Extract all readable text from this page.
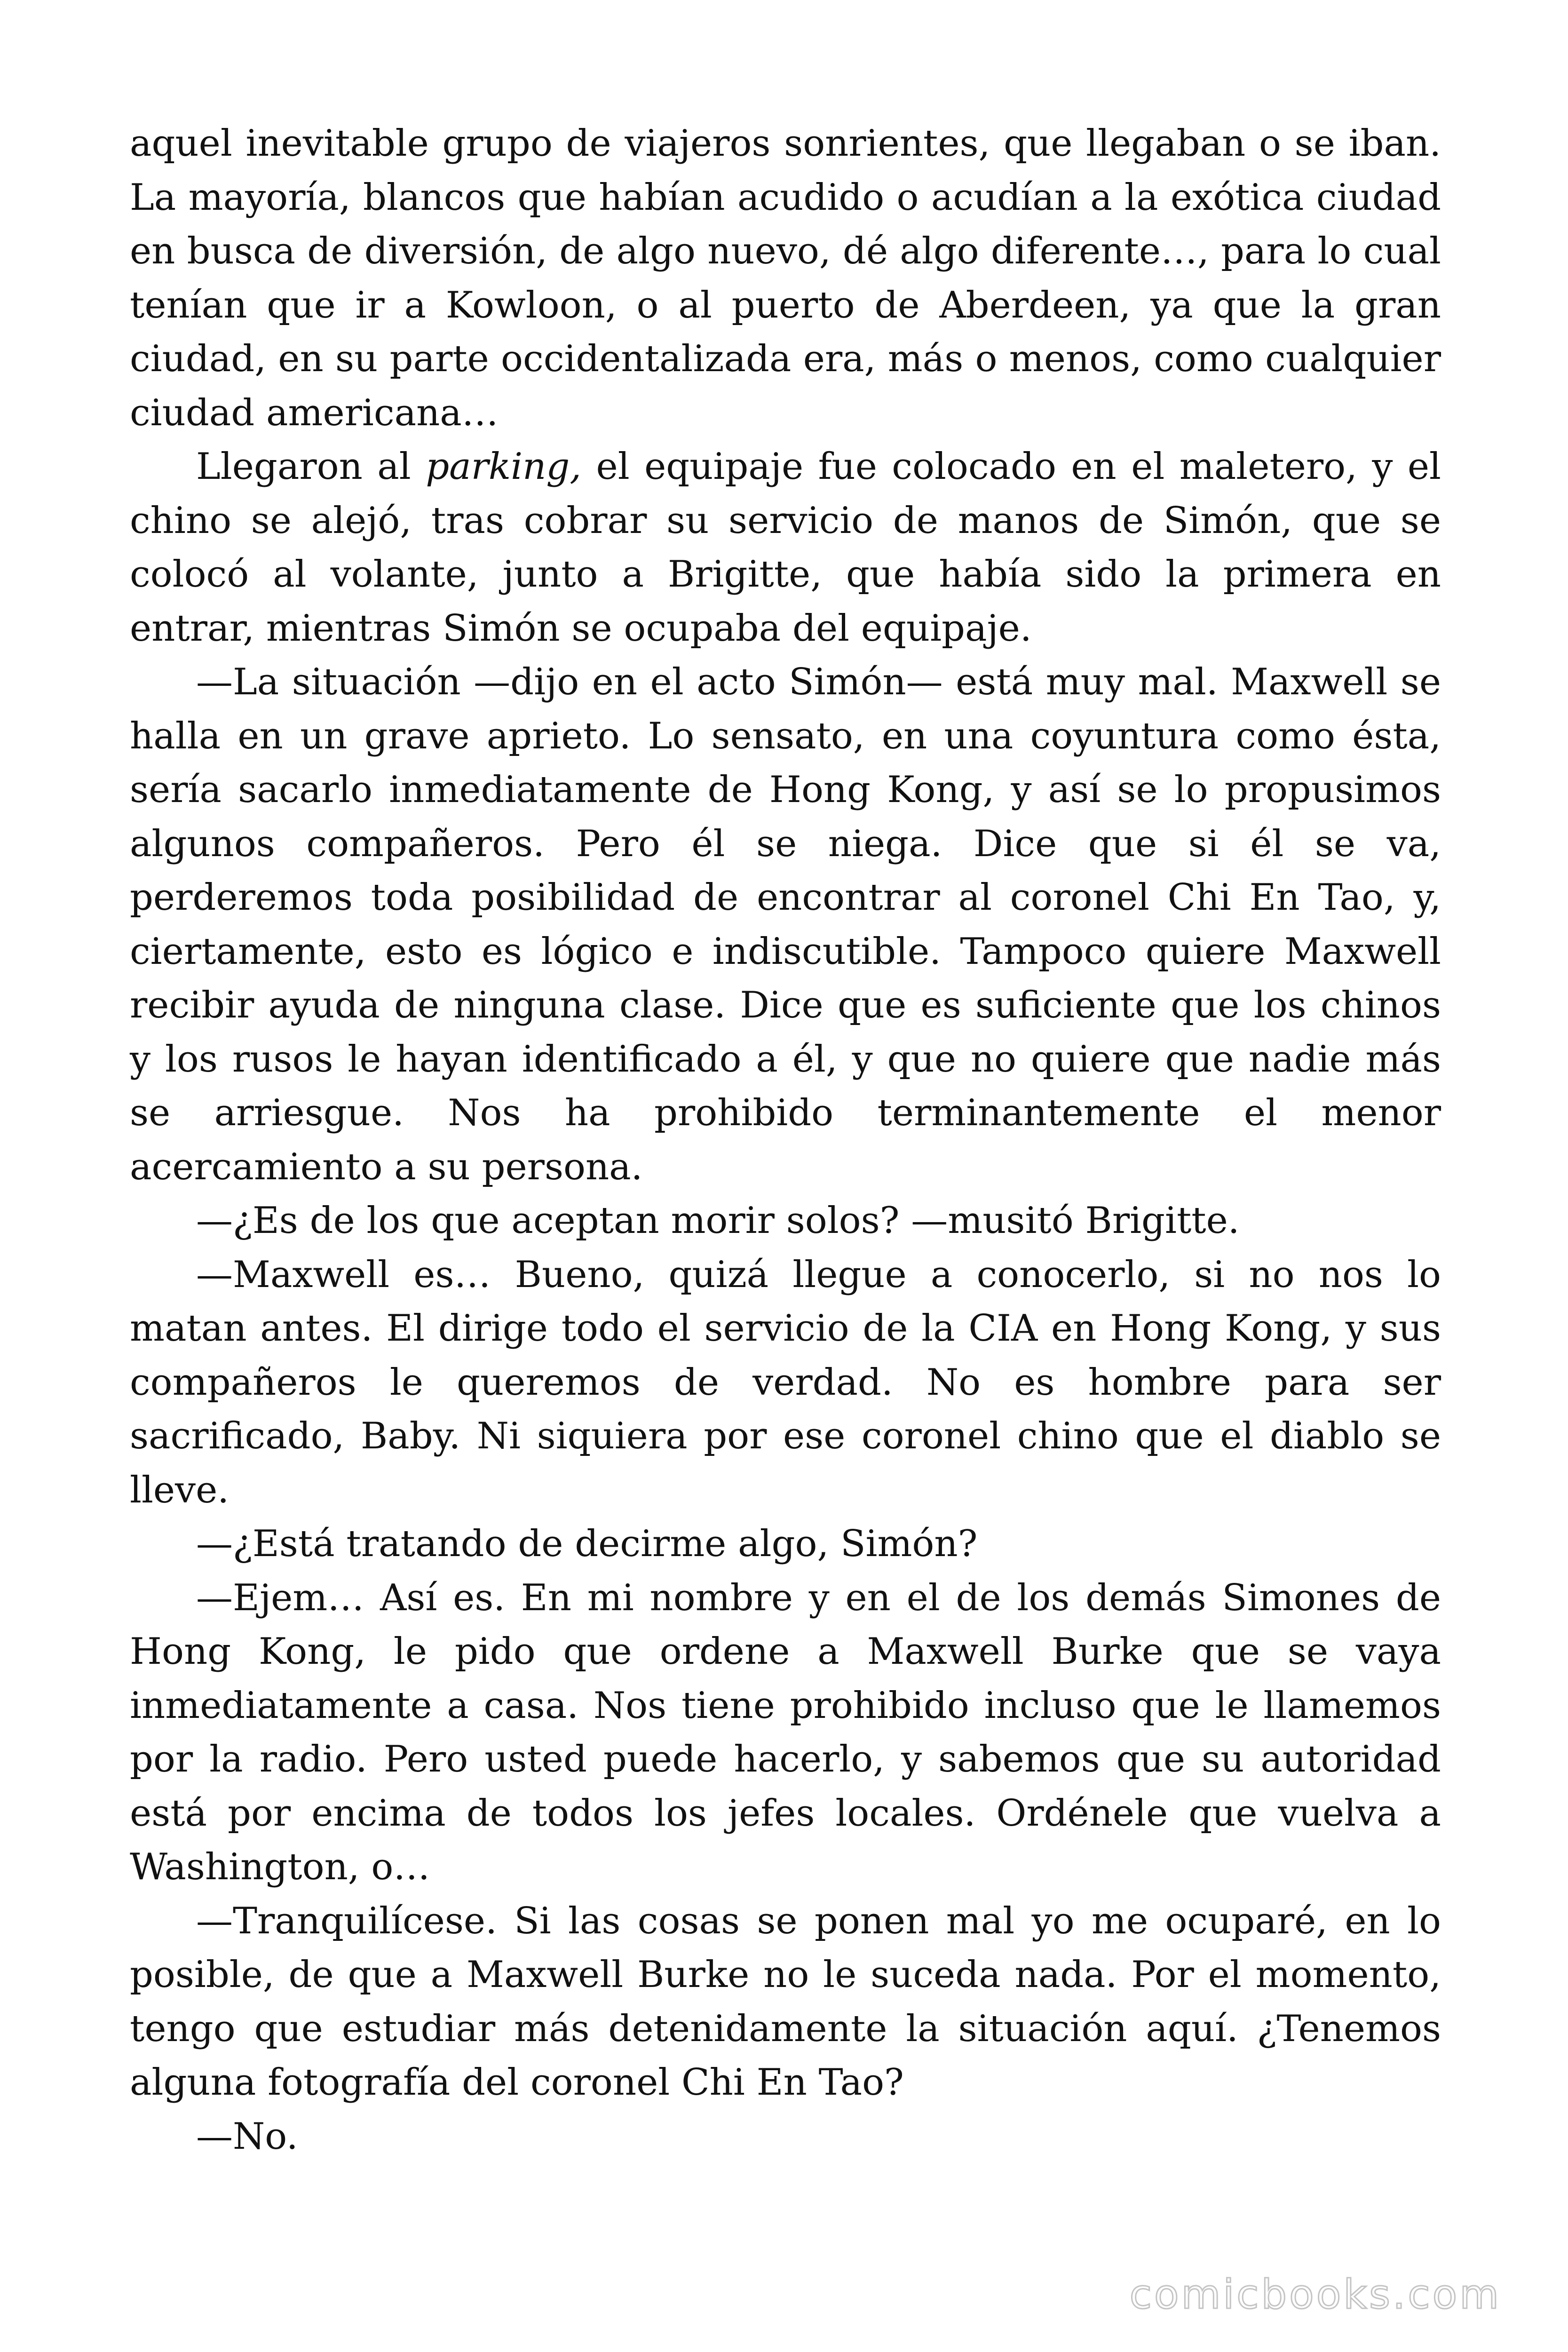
aquel inevitable grupo de viajeros sonrientes, que llegaban o se iban. La mayoría, blancos que habían acudido o acudían a la exótica ciudad en busca de diversión, de algo nuevo, dé algo diferente…, para lo cual tenían que ir a Kowloon, o al puerto de Aberdeen, ya que la gran ciudad, en su parte occidentalizada era, más o menos, como cualquier ciudad americana…

Llegaron al parking, el equipaje fue colocado en el maletero, y el chino se alejó, tras cobrar su servicio de manos de Simón, que se colocó al volante, junto a Brigitte, que había sido la primera en entrar, mientras Simón se ocupaba del equipaje.

—La situación —dijo en el acto Simón— está muy mal. Maxwell se halla en un grave aprieto. Lo sensato, en una coyuntura como ésta, sería sacarlo inmediatamente de Hong Kong, y así se lo propusimos algunos compañeros. Pero él se niega. Dice que si él se va, perderemos toda posibilidad de encontrar al coronel Chi En Tao, y, ciertamente, esto es lógico e indiscutible. Tampoco quiere Maxwell recibir ayuda de ninguna clase. Dice que es suficiente que los chinos y los rusos le hayan identificado a él, y que no quiere que nadie más se arriesgue. Nos ha prohibido terminantemente el menor acercamiento a su persona.

—¿Es de los que aceptan morir solos? —musitó Brigitte.

—Maxwell es… Bueno, quizá llegue a conocerlo, si no nos lo matan antes. El dirige todo el servicio de la CIA en Hong Kong, y sus compañeros le queremos de verdad. No es hombre para ser sacrificado, Baby. Ni siquiera por ese coronel chino que el diablo se lleve.

—¿Está tratando de decirme algo, Simón?

—Ejem… Así es. En mi nombre y en el de los demás Simones de Hong Kong, le pido que ordene a Maxwell Burke que se vaya inmediatamente a casa. Nos tiene prohibido incluso que le llamemos por la radio. Pero usted puede hacerlo, y sabemos que su autoridad está por encima de todos los jefes locales. Ordénele que vuelva a Washington, o…

—Tranquilícese. Si las cosas se ponen mal yo me ocuparé, en lo posible, de que a Maxwell Burke no le suceda nada. Por el momento, tengo que estudiar más detenidamente la situación aquí. ¿Tenemos alguna fotografía del coronel Chi En Tao?

—No.

comicbooks.com
